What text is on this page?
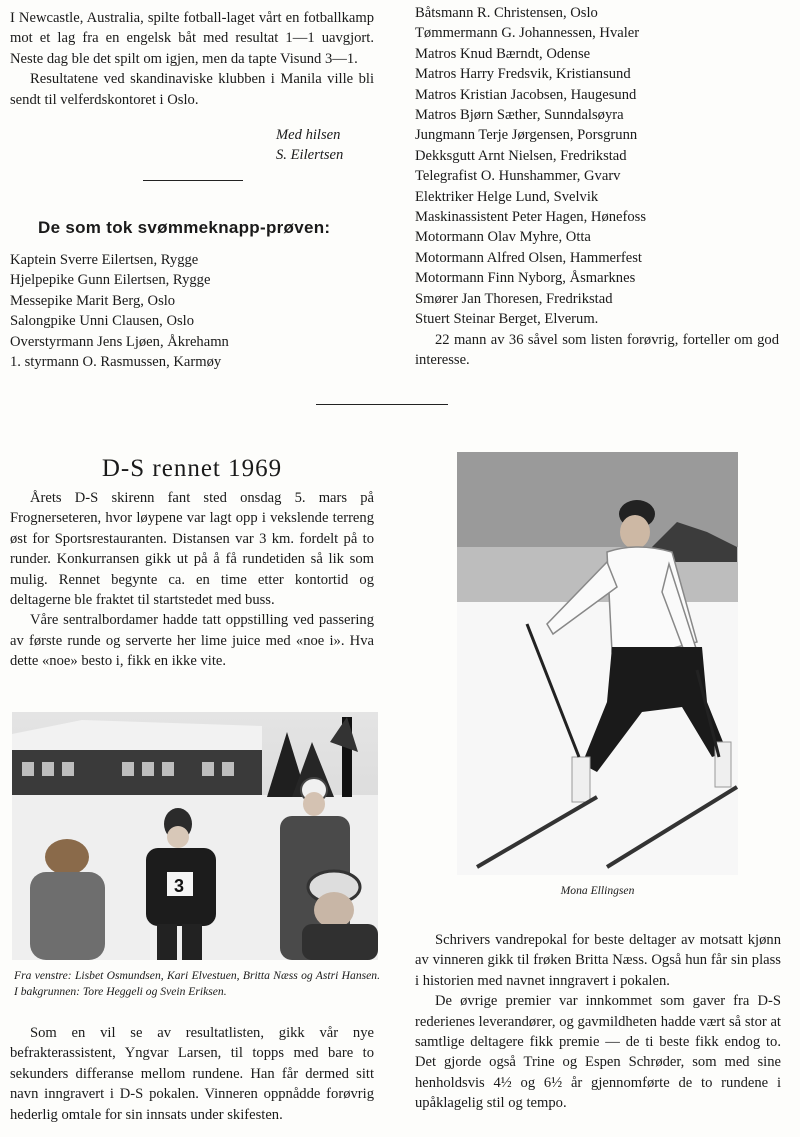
I Newcastle, Australia, spilte fotball-laget vårt en fotballkamp mot et lag fra en engelsk båt med resultat 1—1 uavgjort. Neste dag ble det spilt om igjen, men da tapte Visund 3—1.

Resultatene ved skandinaviske klubben i Manila ville bli sendt til velferdskontoret i Oslo.

Med hilsen
S. Eilertsen
De som tok svømmeknapp-prøven:
Kaptein Sverre Eilertsen, Rygge
Hjelpepike Gunn Eilertsen, Rygge
Messepike Marit Berg, Oslo
Salongpike Unni Clausen, Oslo
Overstyrmann Jens Ljøen, Åkrehamn
1. styrmann O. Rasmussen, Karmøy
Båtsmann R. Christensen, Oslo
Tømmermann G. Johannessen, Hvaler
Matros Knud Bærndt, Odense
Matros Harry Fredsvik, Kristiansund
Matros Kristian Jacobsen, Haugesund
Matros Bjørn Sæther, Sunndalsøyra
Jungmann Terje Jørgensen, Porsgrunn
Dekksgutt Arnt Nielsen, Fredrikstad
Telegrafist O. Hunshammer, Gvarv
Elektriker Helge Lund, Svelvik
Maskinassistent Peter Hagen, Hønefoss
Motormann Olav Myhre, Otta
Motormann Alfred Olsen, Hammerfest
Motormann Finn Nyborg, Åsmarknes
Smører Jan Thoresen, Fredrikstad
Stuert Steinar Berget, Elverum.

22 mann av 36 såvel som listen forøvrig, forteller om god interesse.

D-S rennet 1969

Årets D-S skirenn fant sted onsdag 5. mars på Frognerseteren, hvor løypene var lagt opp i vekslende terreng øst for Sportsrestauranten. Distansen var 3 km. fordelt på to runder. Konkurransen gikk ut på å få rundetiden så lik som mulig. Rennet begynte ca. en time etter kontortid og deltagerne ble fraktet til startstedet med buss.

Våre sentralbordamer hadde tatt oppstilling ved passering av første runde og serverte her lime juice med «noe i». Hva dette «noe» besto i, fikk en ikke vite.

3
Fra venstre: Lisbet Osmundsen, Kari Elvestuen, Britta Næss og Astri Hansen. I bakgrunnen: Tore Heggeli og Svein Eriksen.

Som en vil se av resultatlisten, gikk vår nye befrakterassistent, Yngvar Larsen, til topps med bare to sekunders differanse mellom rundene. Han får dermed sitt navn inngravert i D-S pokalen. Vinneren oppnådde forøvrig hederlig omtale for sin innsats under skifesten.

Mona Ellingsen

Schrivers vandrepokal for beste deltager av motsatt kjønn av vinneren gikk til frøken Britta Næss. Også hun får sin plass i historien med navnet inngravert i pokalen.

De øvrige premier var innkommet som gaver fra D-S rederienes leverandører, og gavmildheten hadde vært så stor at samtlige deltagere fikk premie — de ti beste fikk endog to. Det gjorde også Trine og Espen Schrøder, som med sine henholdsvis 4½ og 6½ år gjennomførte de to rundene i upåklagelig stil og tempo.
